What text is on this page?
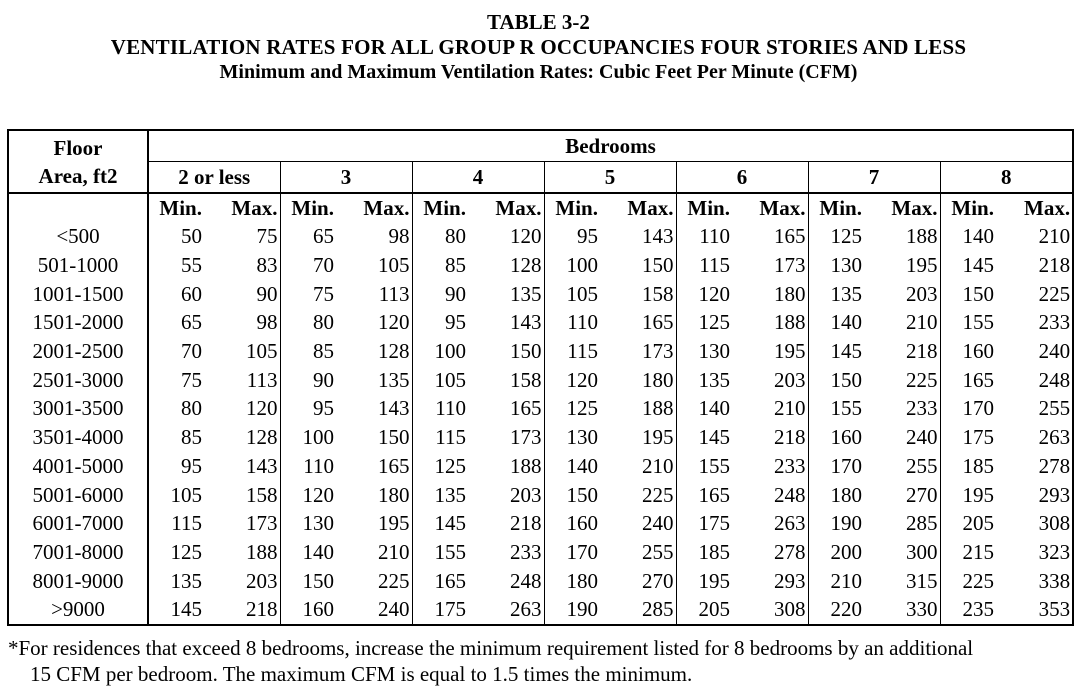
TABLE 3-2
VENTILATION RATES FOR ALL GROUP R OCCUPANCIES FOUR STORIES AND LESS
Minimum and Maximum Ventilation Rates: Cubic Feet Per Minute (CFM)
Floor
Area, ft2	Bedrooms													
	2 or less		3		4		5		6		7		8	
	Min.	Max.	Min.	Max.	Min.	Max.	Min.	Max.	Min.	Max.	Min.	Max.	Min.	Max.
<500	50	75	65	98	80	120	95	143	110	165	125	188	140	210
501-1000	55	83	70	105	85	128	100	150	115	173	130	195	145	218
1001-1500	60	90	75	113	90	135	105	158	120	180	135	203	150	225
1501-2000	65	98	80	120	95	143	110	165	125	188	140	210	155	233
2001-2500	70	105	85	128	100	150	115	173	130	195	145	218	160	240
2501-3000	75	113	90	135	105	158	120	180	135	203	150	225	165	248
3001-3500	80	120	95	143	110	165	125	188	140	210	155	233	170	255
3501-4000	85	128	100	150	115	173	130	195	145	218	160	240	175	263
4001-5000	95	143	110	165	125	188	140	210	155	233	170	255	185	278
5001-6000	105	158	120	180	135	203	150	225	165	248	180	270	195	293
6001-7000	115	173	130	195	145	218	160	240	175	263	190	285	205	308
7001-8000	125	188	140	210	155	233	170	255	185	278	200	300	215	323
8001-9000	135	203	150	225	165	248	180	270	195	293	210	315	225	338
>9000	145	218	160	240	175	263	190	285	205	308	220	330	235	353
*For residences that exceed 8 bedrooms, increase the minimum requirement listed for 8 bedrooms by an additional
15 CFM per bedroom. The maximum CFM is equal to 1.5 times the minimum.
